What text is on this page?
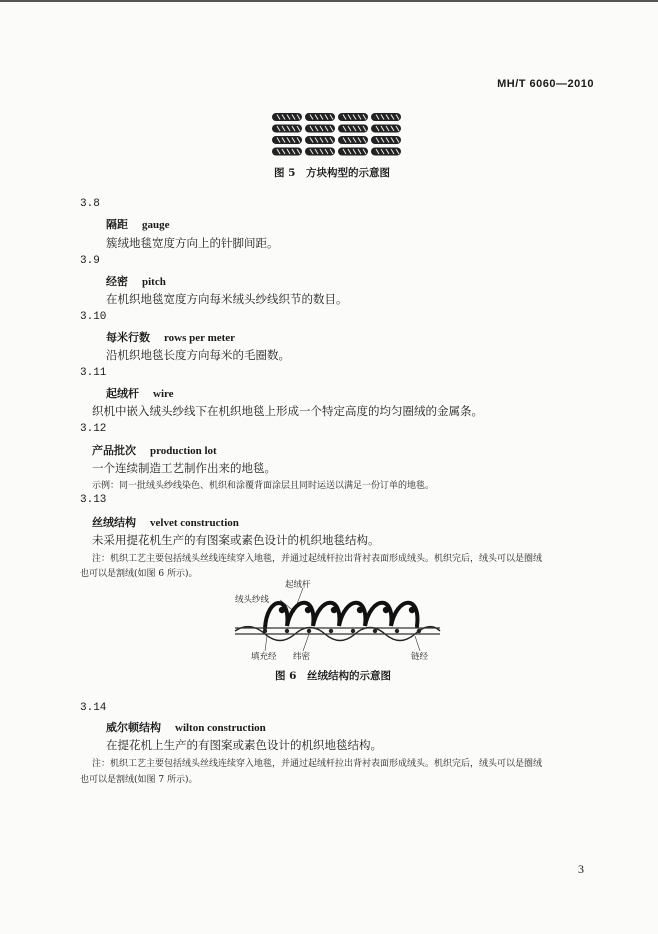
MH/T 6060—2010
图 5　方块构型的示意图
3.8
隔距 gauge
簇绒地毯宽度方向上的针脚间距。
3.9
经密 pitch
在机织地毯宽度方向每米绒头纱线织节的数目。
3.10
每米行数 rows per meter
沿机织地毯长度方向每米的毛圈数。
3.11
起绒杆 wire
织机中嵌入绒头纱线下在机织地毯上形成一个特定高度的均匀圈绒的金属条。
3.12
产品批次 production lot
一个连续制造工艺制作出来的地毯。
示例：同一批绒头纱线染色、机织和涂覆背面涂层且同时运送以满足一份订单的地毯。
3.13
丝绒结构 velvet construction
未采用提花机生产的有图案或素色设计的机织地毯结构。
注：机织工艺主要包括绒头丝线连续穿入地毯，并通过起绒杆拉出背衬表面形成绒头。机织完后，绒头可以是圈绒
也可以是割绒(如图 6 所示)。
起绒杆
绒头纱线
填充经 纬密	链经
图 6　丝绒结构的示意图
3.14
威尔顿结构 wilton construction
在提花机上生产的有图案或素色设计的机织地毯结构。
注：机织工艺主要包括绒头丝线连续穿入地毯，并通过起绒杆拉出背衬表面形成绒头。机织完后，绒头可以是圈绒
也可以是割绒(如图 7 所示)。
3
